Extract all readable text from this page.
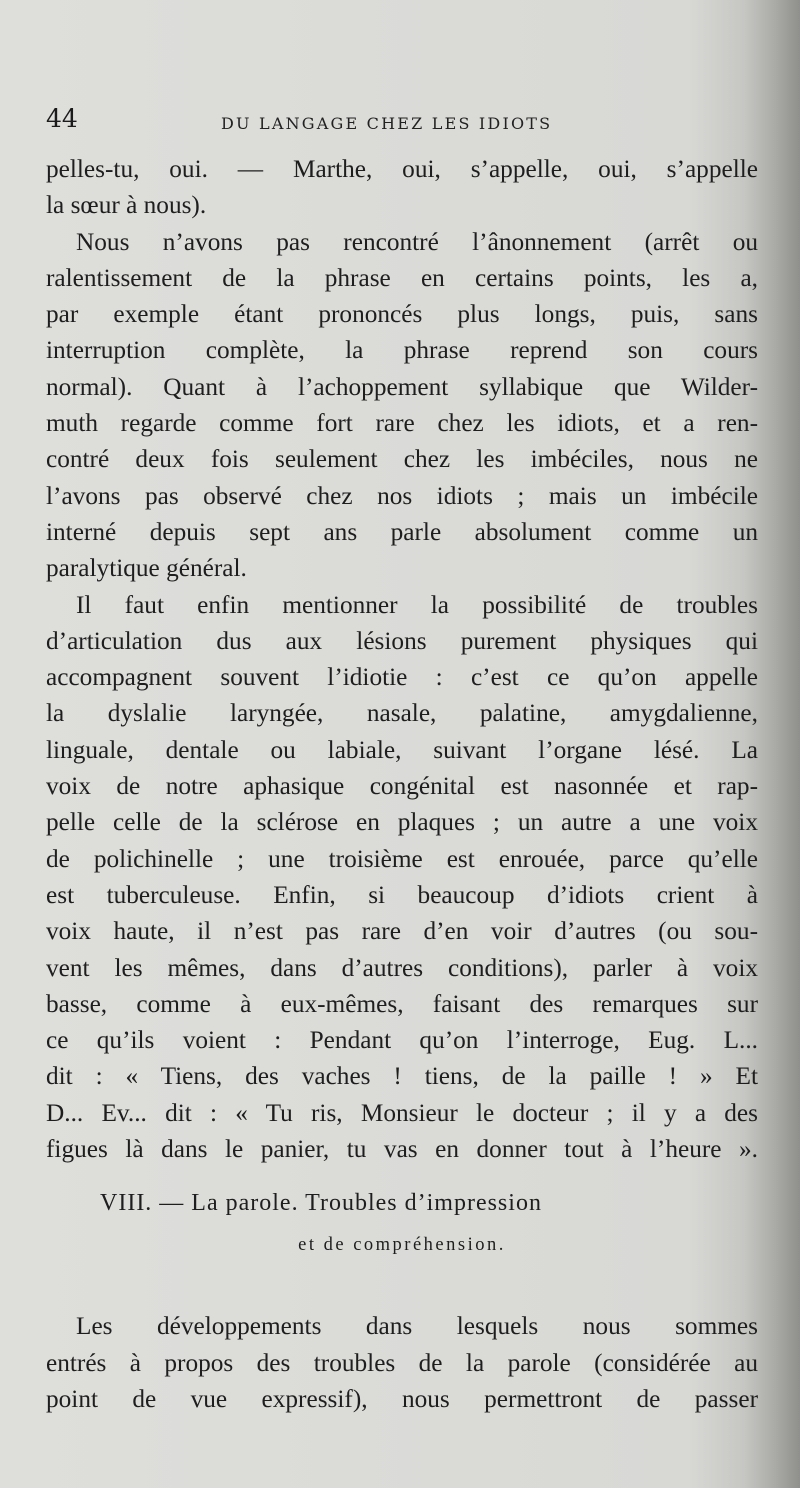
44	DU LANGAGE CHEZ LES IDIOTS
pelles-tu, oui. — Marthe, oui, s’appelle, oui, s’appelle
la sœur à nous).
Nous n’avons pas rencontré l’ânonnement (arrêt ou
ralentissement de la phrase en certains points, les a,
par exemple étant prononcés plus longs, puis, sans
interruption complète, la phrase reprend son cours
normal). Quant à l’achoppement syllabique que Wilder-
muth regarde comme fort rare chez les idiots, et a ren-
contré deux fois seulement chez les imbéciles, nous ne
l’avons pas observé chez nos idiots ; mais un imbécile
interné depuis sept ans parle absolument comme un
paralytique général.
Il faut enfin mentionner la possibilité de troubles
d’articulation dus aux lésions purement physiques qui
accompagnent souvent l’idiotie : c’est ce qu’on appelle
la dyslalie laryngée, nasale, palatine, amygdalienne,
linguale, dentale ou labiale, suivant l’organe lésé. La
voix de notre aphasique congénital est nasonnée et rap-
pelle celle de la sclérose en plaques ; un autre a une voix
de polichinelle ; une troisième est enrouée, parce qu’elle
est tuberculeuse. Enfin, si beaucoup d’idiots crient à
voix haute, il n’est pas rare d’en voir d’autres (ou sou-
vent les mêmes, dans d’autres conditions), parler à voix
basse, comme à eux-mêmes, faisant des remarques sur
ce qu’ils voient : Pendant qu’on l’interroge, Eug. L...
dit : « Tiens, des vaches ! tiens, de la paille ! » Et
D... Ev... dit : « Tu ris, Monsieur le docteur ; il y a des
figues là dans le panier, tu vas en donner tout à l’heure ».
VIII. — La parole. Troubles d’impression
et de compréhension.
Les développements dans lesquels nous sommes
entrés à propos des troubles de la parole (considérée au
point de vue expressif), nous permettront de passer
